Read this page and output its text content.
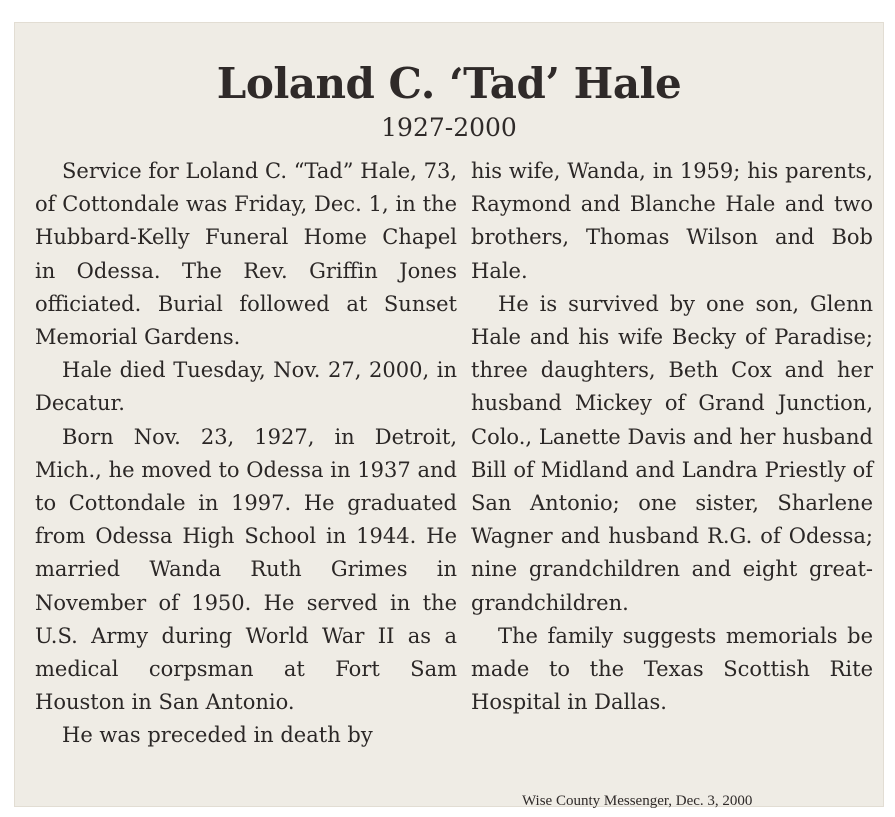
Loland C. ‘Tad’ Hale
1927-2000

Service for Loland C. “Tad” Hale, 73, of Cottondale was Friday, Dec. 1, in the Hubbard-Kelly Funeral Home Chapel in Odessa. The Rev. Griffin Jones officiated. Burial followed at Sunset Memorial Gardens.

Hale died Tuesday, Nov. 27, 2000, in Decatur.

Born Nov. 23, 1927, in Detroit, Mich., he moved to Odessa in 1937 and to Cottondale in 1997. He graduated from Odessa High School in 1944. He married Wanda Ruth Grimes in November of 1950. He served in the U.S. Army during World War II as a medical corpsman at Fort Sam Houston in San Antonio.

He was preceded in death by

his wife, Wanda, in 1959; his parents, Raymond and Blanche Hale and two brothers, Thomas Wilson and Bob Hale.

He is survived by one son, Glenn Hale and his wife Becky of Paradise; three daughters, Beth Cox and her husband Mickey of Grand Junction, Colo., Lanette Davis and her husband Bill of Midland and Landra Priestly of San Antonio; one sister, Sharlene Wagner and husband R.G. of Odessa; nine grandchildren and eight great-grandchildren.

The family suggests memorials be made to the Texas Scottish Rite Hospital in Dallas.

Wise County Messenger, Dec. 3, 2000
